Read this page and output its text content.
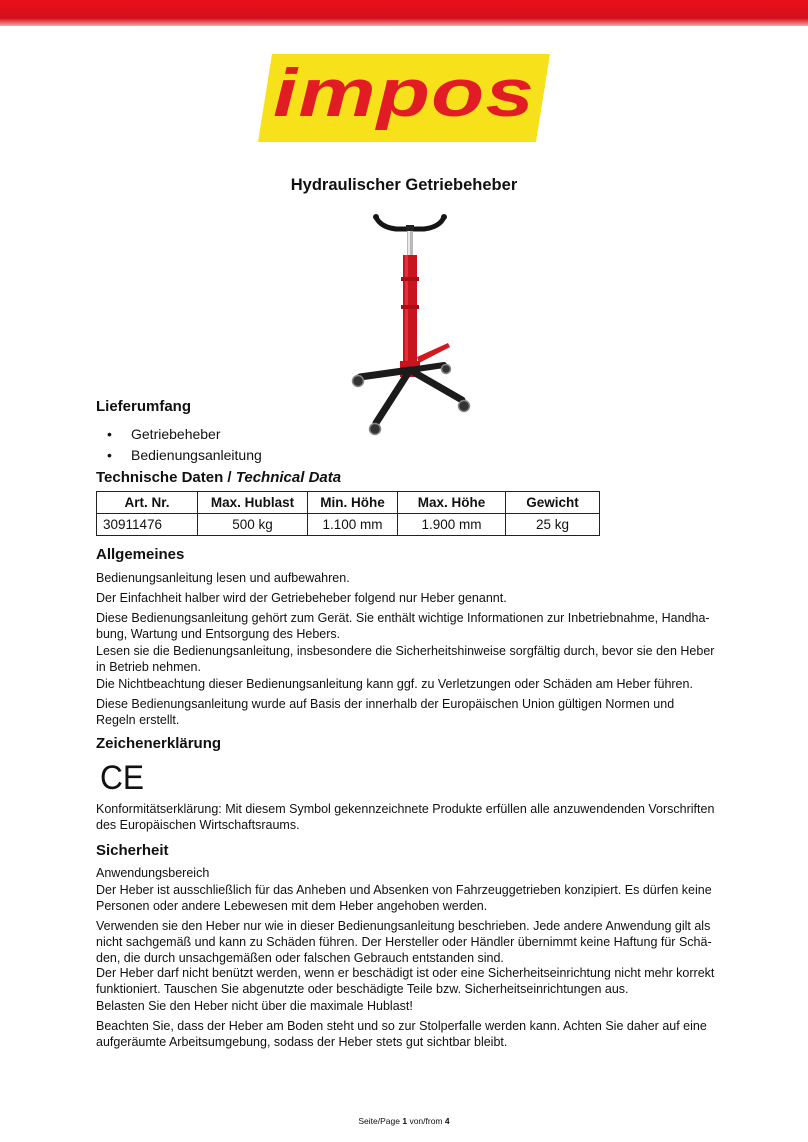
impos
Hydraulischer Getriebeheber
Lieferumfang
• Getriebeheber
• Bedienungsanleitung
Technische Daten / Technical Data
Art. Nr.	Max. Hublast	Min. Höhe	Max. Höhe	Gewicht
30911476	500 kg	1.100 mm	1.900 mm	25 kg
Allgemeines

Bedienungsanleitung lesen und aufbewahren.

Der Einfachheit halber wird der Getriebeheber folgend nur Heber genannt.

Diese Bedienungsanleitung gehört zum Gerät. Sie enthält wichtige Informationen zur Inbetriebnahme, Handha-bung, Wartung und Entsorgung des Hebers.

Lesen sie die Bedienungsanleitung, insbesondere die Sicherheitshinweise sorgfältig durch, bevor sie den Heber in Betrieb nehmen.

Die Nichtbeachtung dieser Bedienungsanleitung kann ggf. zu Verletzungen oder Schäden am Heber führen.

Diese Bedienungsanleitung wurde auf Basis der innerhalb der Europäischen Union gültigen Normen und Regeln erstellt.

Zeichenerklärung
CE

Konformitätserklärung: Mit diesem Symbol gekennzeichnete Produkte erfüllen alle anzuwendenden Vorschriften des Europäischen Wirtschaftsraums.

Sicherheit

Anwendungsbereich

Der Heber ist ausschließlich für das Anheben und Absenken von Fahrzeuggetrieben konzipiert. Es dürfen keine Personen oder andere Lebewesen mit dem Heber angehoben werden.

Verwenden sie den Heber nur wie in dieser Bedienungsanleitung beschrieben. Jede andere Anwendung gilt als nicht sachgemäß und kann zu Schäden führen. Der Hersteller oder Händler übernimmt keine Haftung für Schä-den, die durch unsachgemäßen oder falschen Gebrauch entstanden sind.

Der Heber darf nicht benützt werden, wenn er beschädigt ist oder eine Sicherheitseinrichtung nicht mehr korrekt funktioniert. Tauschen Sie abgenutzte oder beschädigte Teile bzw. Sicherheitseinrichtungen aus.

Belasten Sie den Heber nicht über die maximale Hublast!

Beachten Sie, dass der Heber am Boden steht und so zur Stolperfalle werden kann. Achten Sie daher auf eine aufgeräumte Arbeitsumgebung, sodass der Heber stets gut sichtbar bleibt.

Seite/Page 1 von/from 4
